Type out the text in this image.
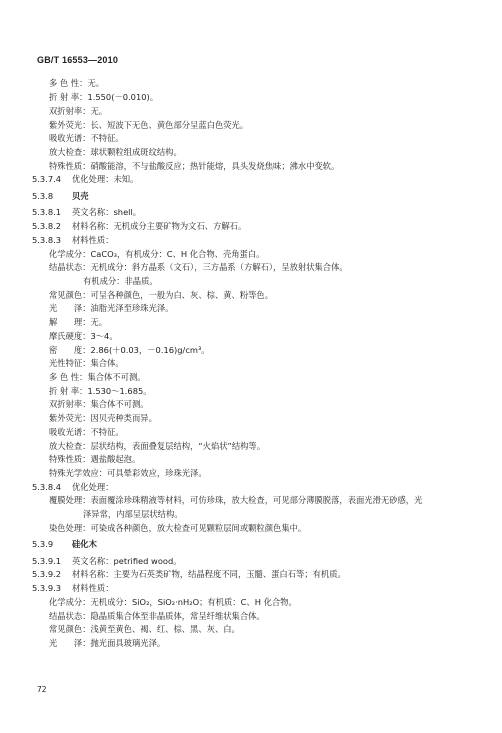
GB/T 16553—2010
多 色 性：无。
折 射 率：1.550(－0.010)。
双折射率：无。
紫外荧光：长、短波下无色、黄色部分呈蓝白色荧光。
吸收光谱：不特征。
放大检查：球状颗粒组成斑纹结构。
特殊性质：硝酸能溶，不与盐酸反应；热针能熔，具头发烧焦味；沸水中变软。
5.3.7.4 优化处理：未知。
5.3.8 贝壳
5.3.8.1 英文名称：shell。
5.3.8.2 材料名称：无机成分主要矿物为文石、方解石。
5.3.8.3 材料性质：
化学成分：CaCO₃，有机成分：C、H 化合物、壳角蛋白。
结晶状态：无机成分：斜方晶系（文石），三方晶系（方解石），呈放射状集合体。
有机成分：非晶质。
常见颜色：可呈各种颜色，一般为白、灰、棕、黄、粉等色。
光　　泽：油脂光泽至珍珠光泽。
解　　理：无。
摩氏硬度：3～4。
密　　度：2.86(＋0.03，－0.16)g/cm³。
光性特征：集合体。
多 色 性：集合体不可测。
折 射 率：1.530～1.685。
双折射率：集合体不可测。
紫外荧光：因贝壳种类而异。
吸收光谱：不特征。
放大检查：层状结构，表面叠复层结构，“火焰状”结构等。
特殊性质：遇盐酸起泡。
特殊光学效应：可具晕彩效应，珍珠光泽。
5.3.8.4 优化处理：
覆膜处理：表面覆涂珍珠精液等材料，可仿珍珠，放大检查，可见部分薄膜脱落，表面光滑无砂感，光
泽异常，内部呈层状结构。
染色处理：可染成各种颜色，放大检查可见颗粒层间或颗粒颜色集中。
5.3.9 硅化木
5.3.9.1 英文名称：petrified wood。
5.3.9.2 材料名称：主要为石英类矿物，结晶程度不同，玉髓、蛋白石等；有机质。
5.3.9.3 材料性质：
化学成分：无机成分：SiO₂，SiO₂·nH₂O；有机质：C、H 化合物。
结晶状态：隐晶质集合体至非晶质体，常呈纤维状集合体。
常见颜色：浅黄至黄色、褐、红、棕、黑、灰、白。
光　　泽：抛光面具玻璃光泽。
72
